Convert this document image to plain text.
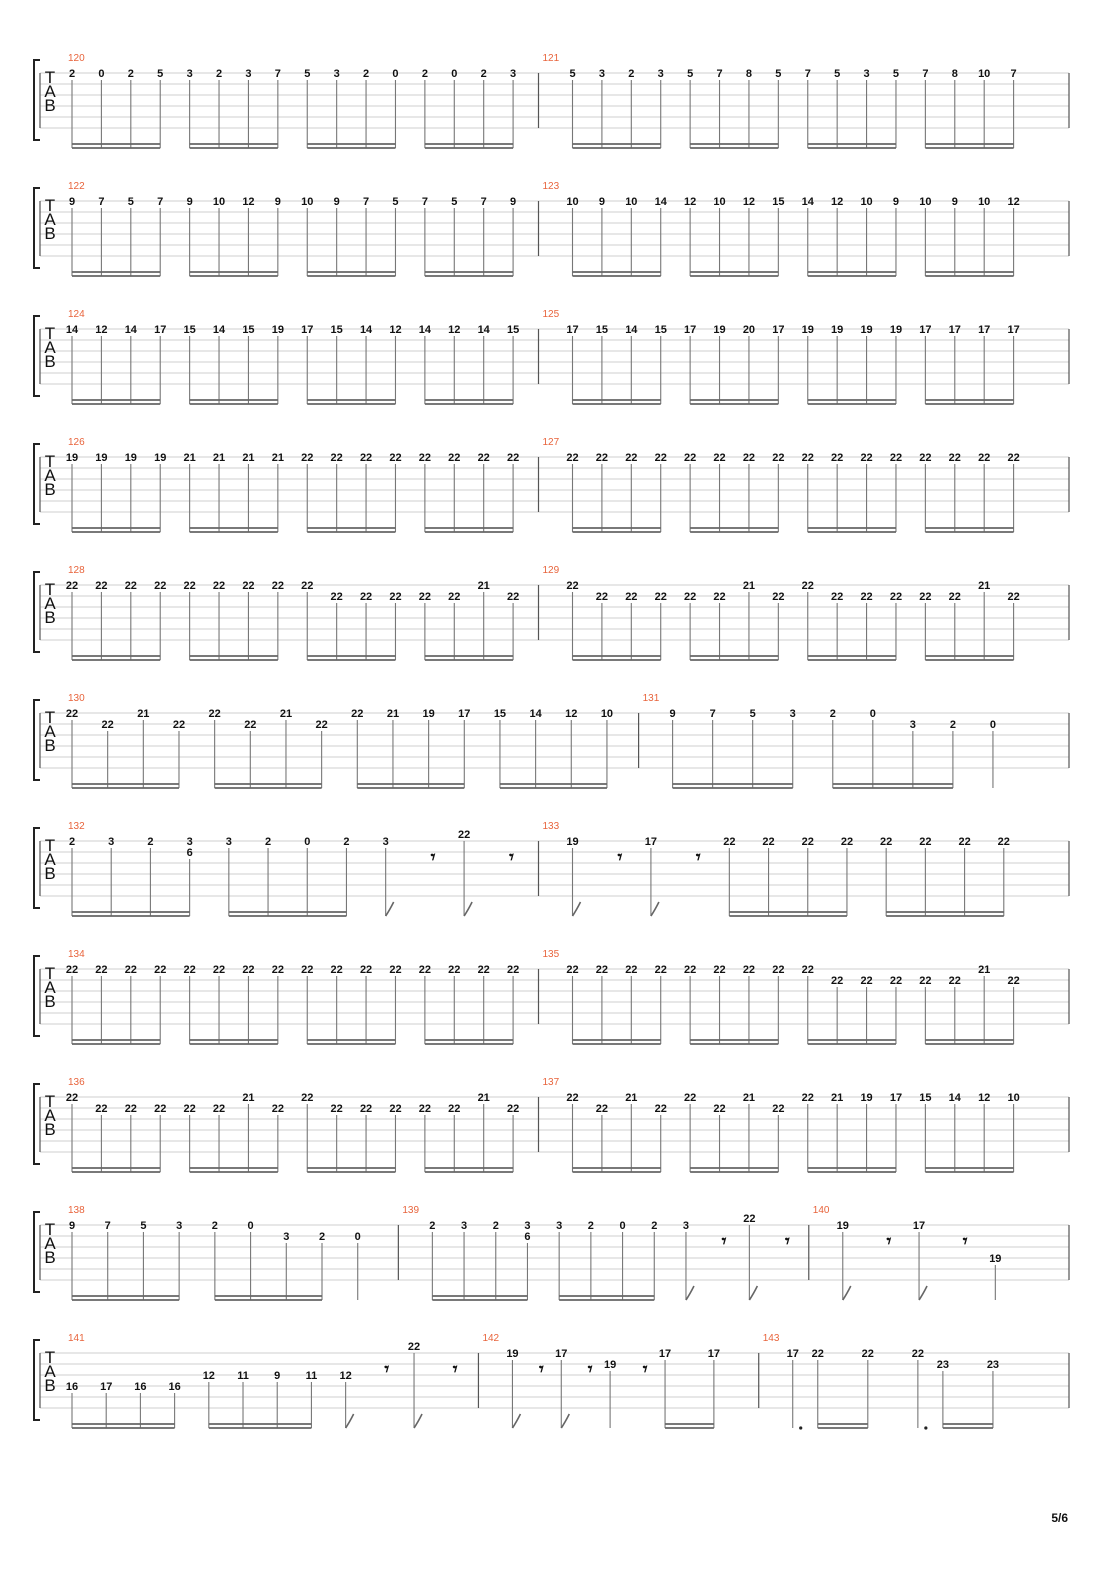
5/6
T
A
B
120
2 0 2 5 3 2 3 7 5 3 2 0 2 0 2 3
121
5 3 2 3 5 7 8 5 7 5 3 5 7 8 10 7
T
A
B
122
9 7 5 7 9 10 12 9 10 9 7 5 7 5 7 9
123
10 9 10 14 12 10 12 15 14 12 10 9 10 9 10 12
T
A
B
124
14 12 14 17 15 14 15 19 17 15 14 12 14 12 14 15
125
17 15 14 15 17 19 20 17 19 19 19 19 17 17 17 17
T
A
B
126
19 19 19 19 21 21 21 21 22 22 22 22 22 22 22 22
127
22 22 22 22 22 22 22 22 22 22 22 22 22 22 22 22
T
A
B
128
22 22 22 22 22 22 22 22 22
22 22 22 22 22
21
22
129
22
22 22 22 22 22
21
22
22
22 22 22 22 22
21
22
T
A
B
130
22
22
21
22
22
22
21
22
22 21 19 17 15 14 12 10
131
9	7	5	3	2	0
3	2	0
T
A
B
132
2	3	2	3
6
3	2	0	2	3
𝄾
22
𝄾
133
19
𝄾
17
𝄾
22 22 22 22 22 22 22 22
T
A
B
134
22 22 22 22 22 22 22 22 22 22 22 22 22 22 22 22
135
22 22 22 22 22 22 22 22 22
22 22 22 22 22
21
22
T
A
B
136
22
22 22 22 22 22
21
22
22
22 22 22 22 22
21
22
137
22
22
21
22
22
22
21
22
22 21 19 17 15 14 12 10
T
A
B
138
9	7	5	3	2	0
3	2	0
139
2 3 2 3
6
3 2 0 2 3
𝄾
22
𝄾
140
19
𝄾
17
𝄾
19
T
A
B
141
16 17 16 16
12 11 9 11 12 𝄾
22
𝄾
142
19
𝄾
17
𝄾 19 𝄾
17	17
143
17 22	22	22
23	23
